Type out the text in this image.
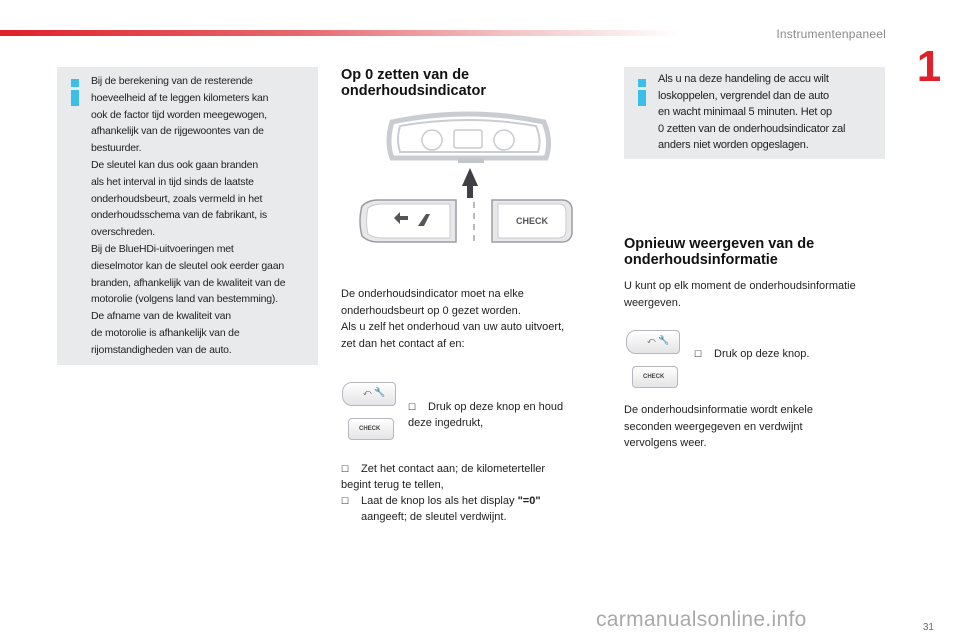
Instrumentenpaneel
1
Bij de berekening van de resterende
hoeveelheid af te leggen kilometers kan
ook de factor tijd worden meegewogen,
afhankelijk van de rijgewoontes van de
bestuurder.
De sleutel kan dus ook gaan branden
als het interval in tijd sinds de laatste
onderhoudsbeurt, zoals vermeld in het
onderhoudsschema van de fabrikant, is
overschreden.
Bij de BlueHDi-uitvoeringen met
dieselmotor kan de sleutel ook eerder gaan
branden, afhankelijk van de kwaliteit van de
motorolie (volgens land van bestemming).
De afname van de kwaliteit van
de motorolie is afhankelijk van de
rijomstandigheden van de auto.
Op 0 zetten van de
onderhoudsindicator
CHECK
De onderhoudsindicator moet na elke
onderhoudsbeurt op 0 gezet worden.
Als u zelf het onderhoud van uw auto uitvoert,
zet dan het contact af en:
⤺ 🔧
CHECK
☐ Druk op deze knop en houd
deze ingedrukt,
☐ Zet het contact aan; de kilometerteller
begint terug te tellen,
☐ Laat de knop los als het display "=0"
aangeeft; de sleutel verdwijnt.
Als u na deze handeling de accu wilt
loskoppelen, vergrendel dan de auto
en wacht minimaal 5 minuten. Het op
0 zetten van de onderhoudsindicator zal
anders niet worden opgeslagen.
Opnieuw weergeven van de
onderhoudsinformatie
U kunt op elk moment de onderhoudsinformatie
weergeven.
⤺ 🔧
CHECK
☐ Druk op deze knop.
De onderhoudsinformatie wordt enkele
seconden weergegeven en verdwijnt
vervolgens weer.
carmanualsonline.info	31
